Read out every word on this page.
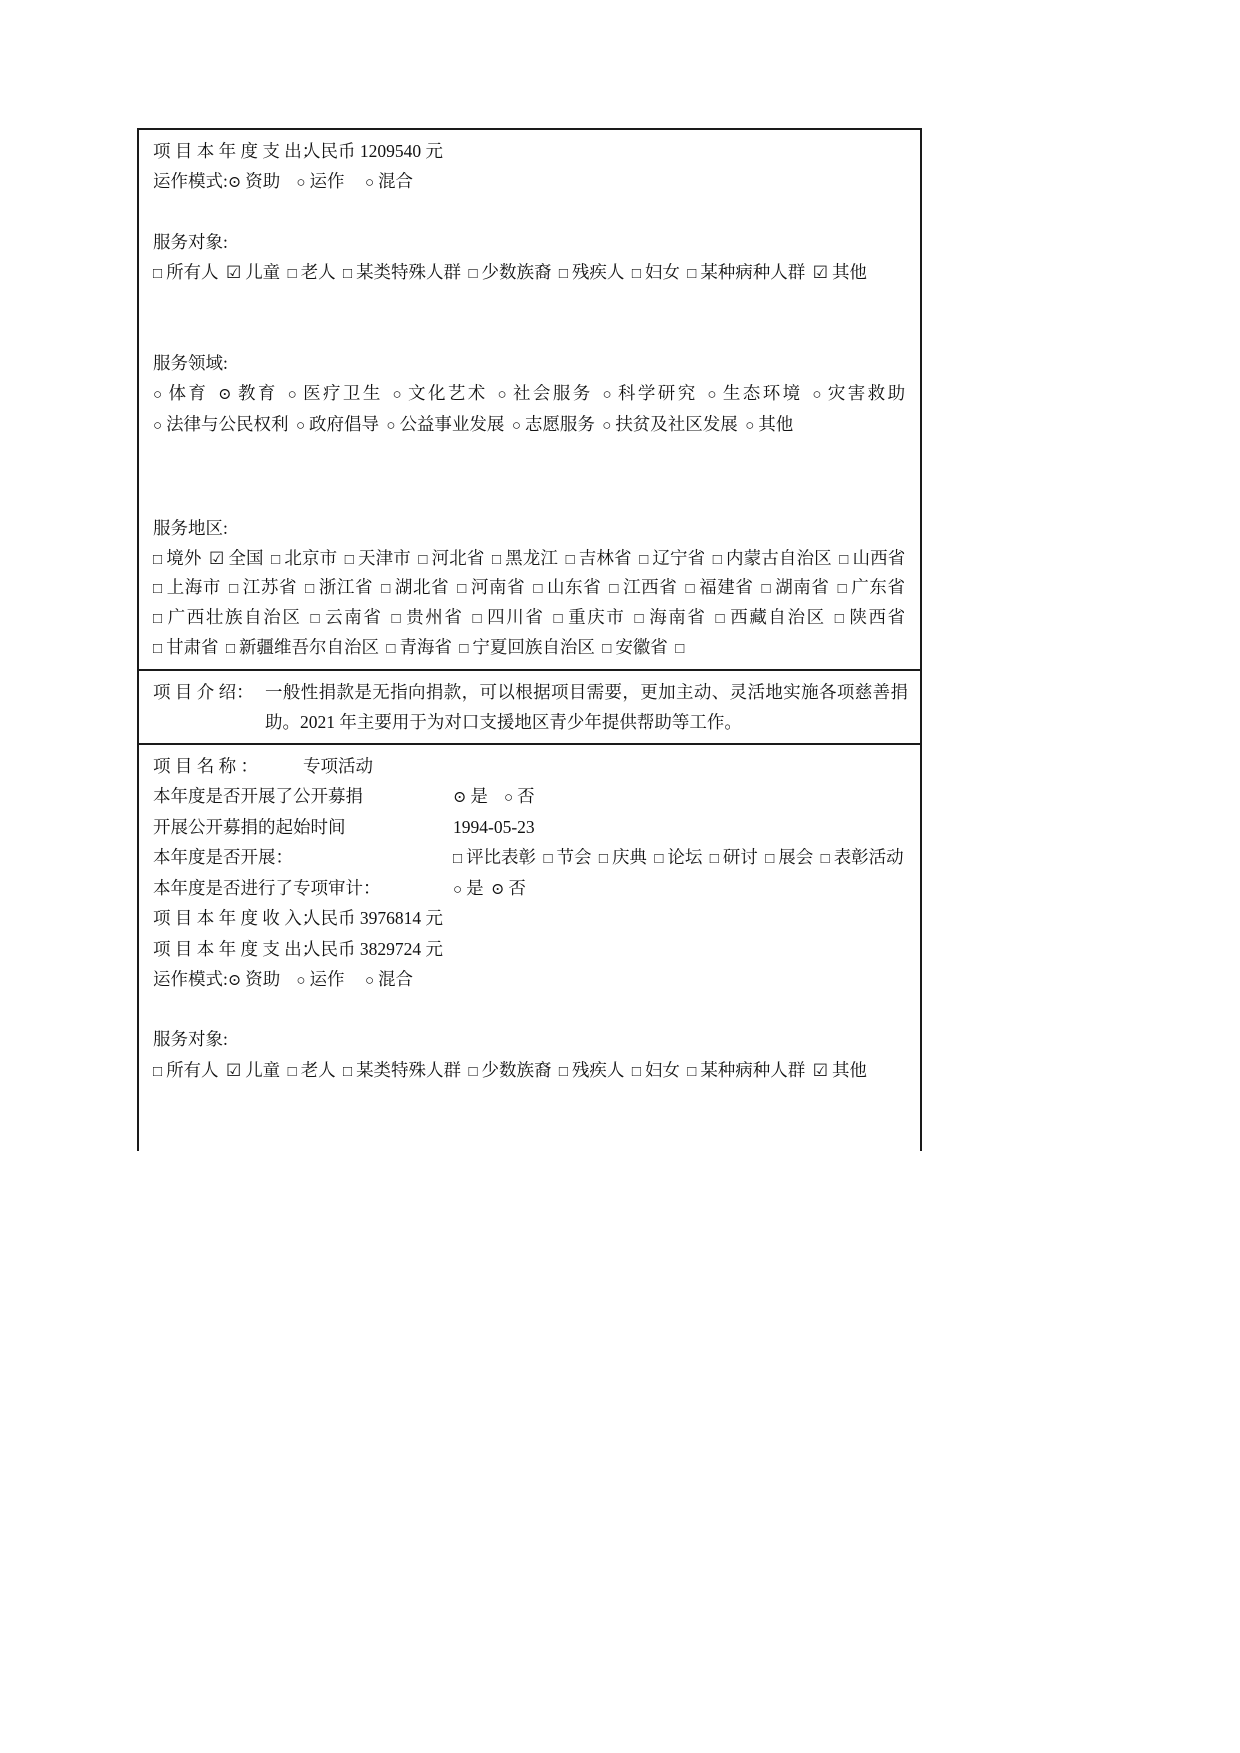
项 目 本 年 度 支 出：
人民币 1209540 元
运作模式: ⊙ 资助 ○ 运作 ○ 混合
服务对象:
□ 所有人 ☑ 儿童 □ 老人 □ 某类特殊人群 □ 少数族裔 □ 残疾人 □ 妇女 □ 某种病种人群 ☑ 其他
服务领域:
○ 体育 ⊙ 教育 ○ 医疗卫生 ○ 文化艺术 ○ 社会服务 ○ 科学研究 ○ 生态环境 ○ 灾害救助 ○ 法律与公民权利 ○ 政府倡导 ○ 公益事业发展 ○ 志愿服务 ○ 扶贫及社区发展 ○ 其他
服务地区:
□ 境外 ☑ 全国 □ 北京市 □ 天津市 □ 河北省 □ 黑龙江 □ 吉林省 □ 辽宁省 □ 内蒙古自治区 □ 山西省 □ 上海市 □ 江苏省 □ 浙江省 □ 湖北省 □ 河南省 □ 山东省 □ 江西省 □ 福建省 □ 湖南省 □ 广东省 □ 广西壮族自治区 □ 云南省 □ 贵州省 □ 四川省 □ 重庆市 □ 海南省 □ 西藏自治区 □ 陕西省 □ 甘肃省 □ 新疆维吾尔自治区 □ 青海省 □ 宁夏回族自治区 □ 安徽省 □
项 目 介 绍： 一般性捐款是无指向捐款，可以根据项目需要，更加主动、灵活地实施各项慈善捐助。2021 年主要用于为对口支援地区青少年提供帮助等工作。
项 目 名 称 ：	专项活动
本年度是否开展了公开募捐	⊙ 是 ○ 否
开展公开募捐的起始时间	1994-05-23
本年度是否开展：	□ 评比表彰 □ 节会 □ 庆典 □ 论坛 □ 研讨 □ 展会 □ 表彰活动
本年度是否进行了专项审计：	○ 是 ⊙ 否
项 目 本 年 度 收 入：
人民币 3976814 元
项 目 本 年 度 支 出：
人民币 3829724 元
运作模式: ⊙ 资助 ○ 运作 ○ 混合
服务对象:
□ 所有人 ☑ 儿童 □ 老人 □ 某类特殊人群 □ 少数族裔 □ 残疾人 □ 妇女 □ 某种病种人群 ☑ 其他
